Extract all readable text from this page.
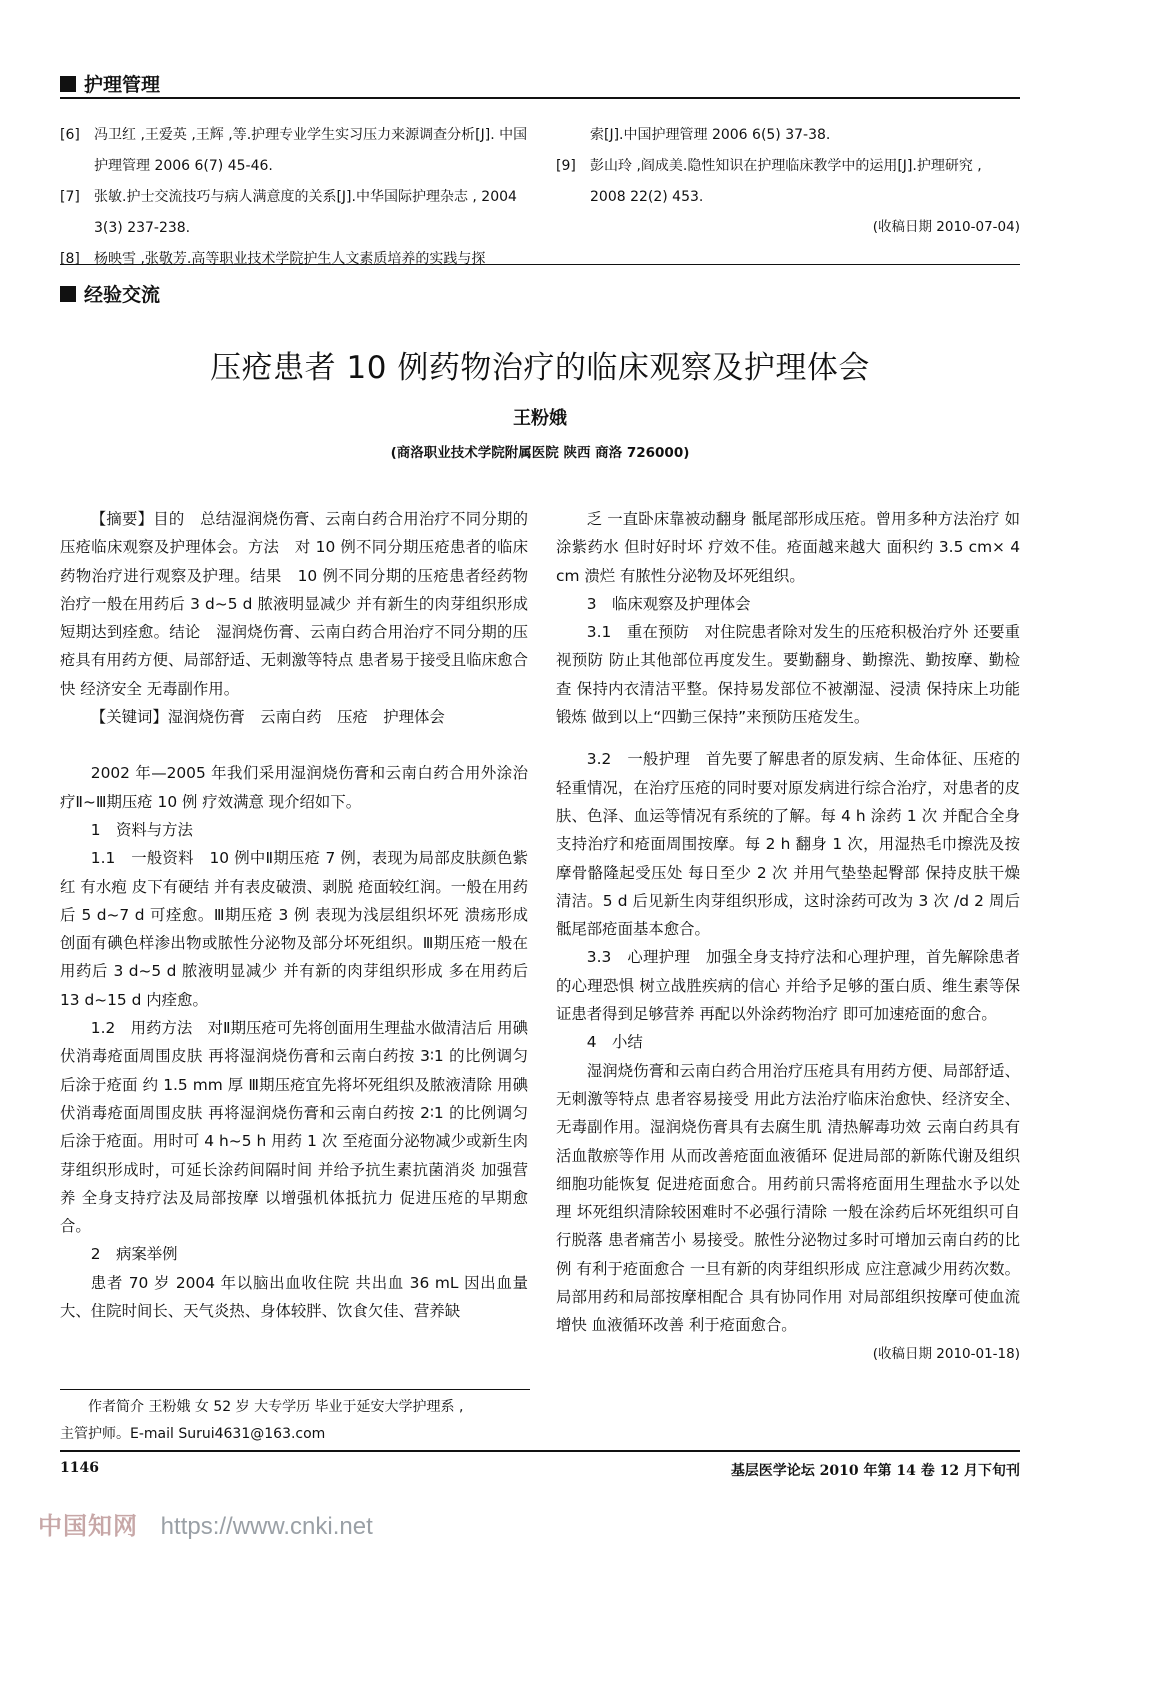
护理管理
[6]	冯卫红 ,王爱英 ,王辉 ,等.护理专业学生实习压力来源调查分析[J]. 中国护理管理 2006 6(7) 45-46.
[7]	张敏.护士交流技巧与病人满意度的关系[J].中华国际护理杂志 , 2004 3(3) 237-238.
[8]	杨映雪 ,张敬芳.高等职业技术学院护生人文素质培养的实践与探
索[J].中国护理管理 2006 6(5) 37-38.
[9]	彭山玲 ,阎成美.隐性知识在护理临床教学中的运用[J].护理研究 , 2008 22(2) 453.
(收稿日期 2010-07-04)
经验交流
压疮患者 10 例药物治疗的临床观察及护理体会
王粉娥
(商洛职业技术学院附属医院 陕西 商洛 726000)

【摘要】目的　总结湿润烧伤膏、云南白药合用治疗不同分期的压疮临床观察及护理体会。方法　对 10 例不同分期压疮患者的临床药物治疗进行观察及护理。结果　10 例不同分期的压疮患者经药物治疗一般在用药后 3 d~5 d 脓液明显减少 并有新生的肉芽组织形成 短期达到痊愈。结论　湿润烧伤膏、云南白药合用治疗不同分期的压疮具有用药方便、局部舒适、无刺激等特点 患者易于接受且临床愈合快 经济安全 无毒副作用。

【关键词】湿润烧伤膏　云南白药　压疮　护理体会

2002 年—2005 年我们采用湿润烧伤膏和云南白药合用外涂治疗Ⅱ~Ⅲ期压疮 10 例 疗效满意 现介绍如下。

1　资料与方法

1.1　一般资料　10 例中Ⅱ期压疮 7 例，表现为局部皮肤颜色紫红 有水疱 皮下有硬结 并有表皮破溃、剥脱 疮面较红润。一般在用药后 5 d~7 d 可痊愈。Ⅲ期压疮 3 例 表现为浅层组织坏死 溃疡形成 创面有碘色样渗出物或脓性分泌物及部分坏死组织。Ⅲ期压疮一般在用药后 3 d~5 d 脓液明显减少 并有新的肉芽组织形成 多在用药后 13 d~15 d 内痊愈。

1.2　用药方法　对Ⅱ期压疮可先将创面用生理盐水做清洁后 用碘伏消毒疮面周围皮肤 再将湿润烧伤膏和云南白药按 3∶1 的比例调匀后涂于疮面 约 1.5 mm 厚 Ⅲ期压疮宜先将坏死组织及脓液清除 用碘伏消毒疮面周围皮肤 再将湿润烧伤膏和云南白药按 2∶1 的比例调匀后涂于疮面。用时可 4 h~5 h 用药 1 次 至疮面分泌物减少或新生肉芽组织形成时，可延长涂药间隔时间 并给予抗生素抗菌消炎 加强营养 全身支持疗法及局部按摩 以增强机体抵抗力 促进压疮的早期愈合。

2　病案举例

患者 70 岁 2004 年以脑出血收住院 共出血 36 mL 因出血量大、住院时间长、天气炎热、身体较胖、饮食欠佳、营养缺

作者简介 王粉娥 女 52 岁 大专学历 毕业于延安大学护理系 ,
主管护师。E-mail Surui4631@163.com

乏 一直卧床靠被动翻身 骶尾部形成压疮。曾用多种方法治疗 如涂紫药水 但时好时坏 疗效不佳。疮面越来越大 面积约 3.5 cm× 4 cm 溃烂 有脓性分泌物及坏死组织。

3　临床观察及护理体会

3.1　重在预防　对住院患者除对发生的压疮积极治疗外 还要重视预防 防止其他部位再度发生。要勤翻身、勤擦洗、勤按摩、勤检查 保持内衣清洁平整。保持易发部位不被潮湿、浸渍 保持床上功能锻炼 做到以上“四勤三保持”来预防压疮发生。

3.2　一般护理　首先要了解患者的原发病、生命体征、压疮的轻重情况，在治疗压疮的同时要对原发病进行综合治疗，对患者的皮肤、色泽、血运等情况有系统的了解。每 4 h 涂药 1 次 并配合全身支持治疗和疮面周围按摩。每 2 h 翻身 1 次，用湿热毛巾擦洗及按摩骨骼隆起受压处 每日至少 2 次 并用气垫垫起臀部 保持皮肤干燥清洁。5 d 后见新生肉芽组织形成，这时涂药可改为 3 次 /d 2 周后骶尾部疮面基本愈合。

3.3　心理护理　加强全身支持疗法和心理护理，首先解除患者的心理恐惧 树立战胜疾病的信心 并给予足够的蛋白质、维生素等保证患者得到足够营养 再配以外涂药物治疗 即可加速疮面的愈合。

4　小结

湿润烧伤膏和云南白药合用治疗压疮具有用药方便、局部舒适、无刺激等特点 患者容易接受 用此方法治疗临床治愈快、经济安全、无毒副作用。湿润烧伤膏具有去腐生肌 清热解毒功效 云南白药具有活血散瘀等作用 从而改善疮面血液循环 促进局部的新陈代谢及组织细胞功能恢复 促进疮面愈合。用药前只需将疮面用生理盐水予以处理 坏死组织清除较困难时不必强行清除 一般在涂药后坏死组织可自行脱落 患者痛苦小 易接受。脓性分泌物过多时可增加云南白药的比例 有利于疮面愈合 一旦有新的肉芽组织形成 应注意减少用药次数。局部用药和局部按摩相配合 具有协同作用 对局部组织按摩可使血流增快 血液循环改善 利于疮面愈合。

(收稿日期 2010-01-18)
1146	基层医学论坛 2010 年第 14 卷 12 月下旬刊
中国知网 https://www.cnki.net
